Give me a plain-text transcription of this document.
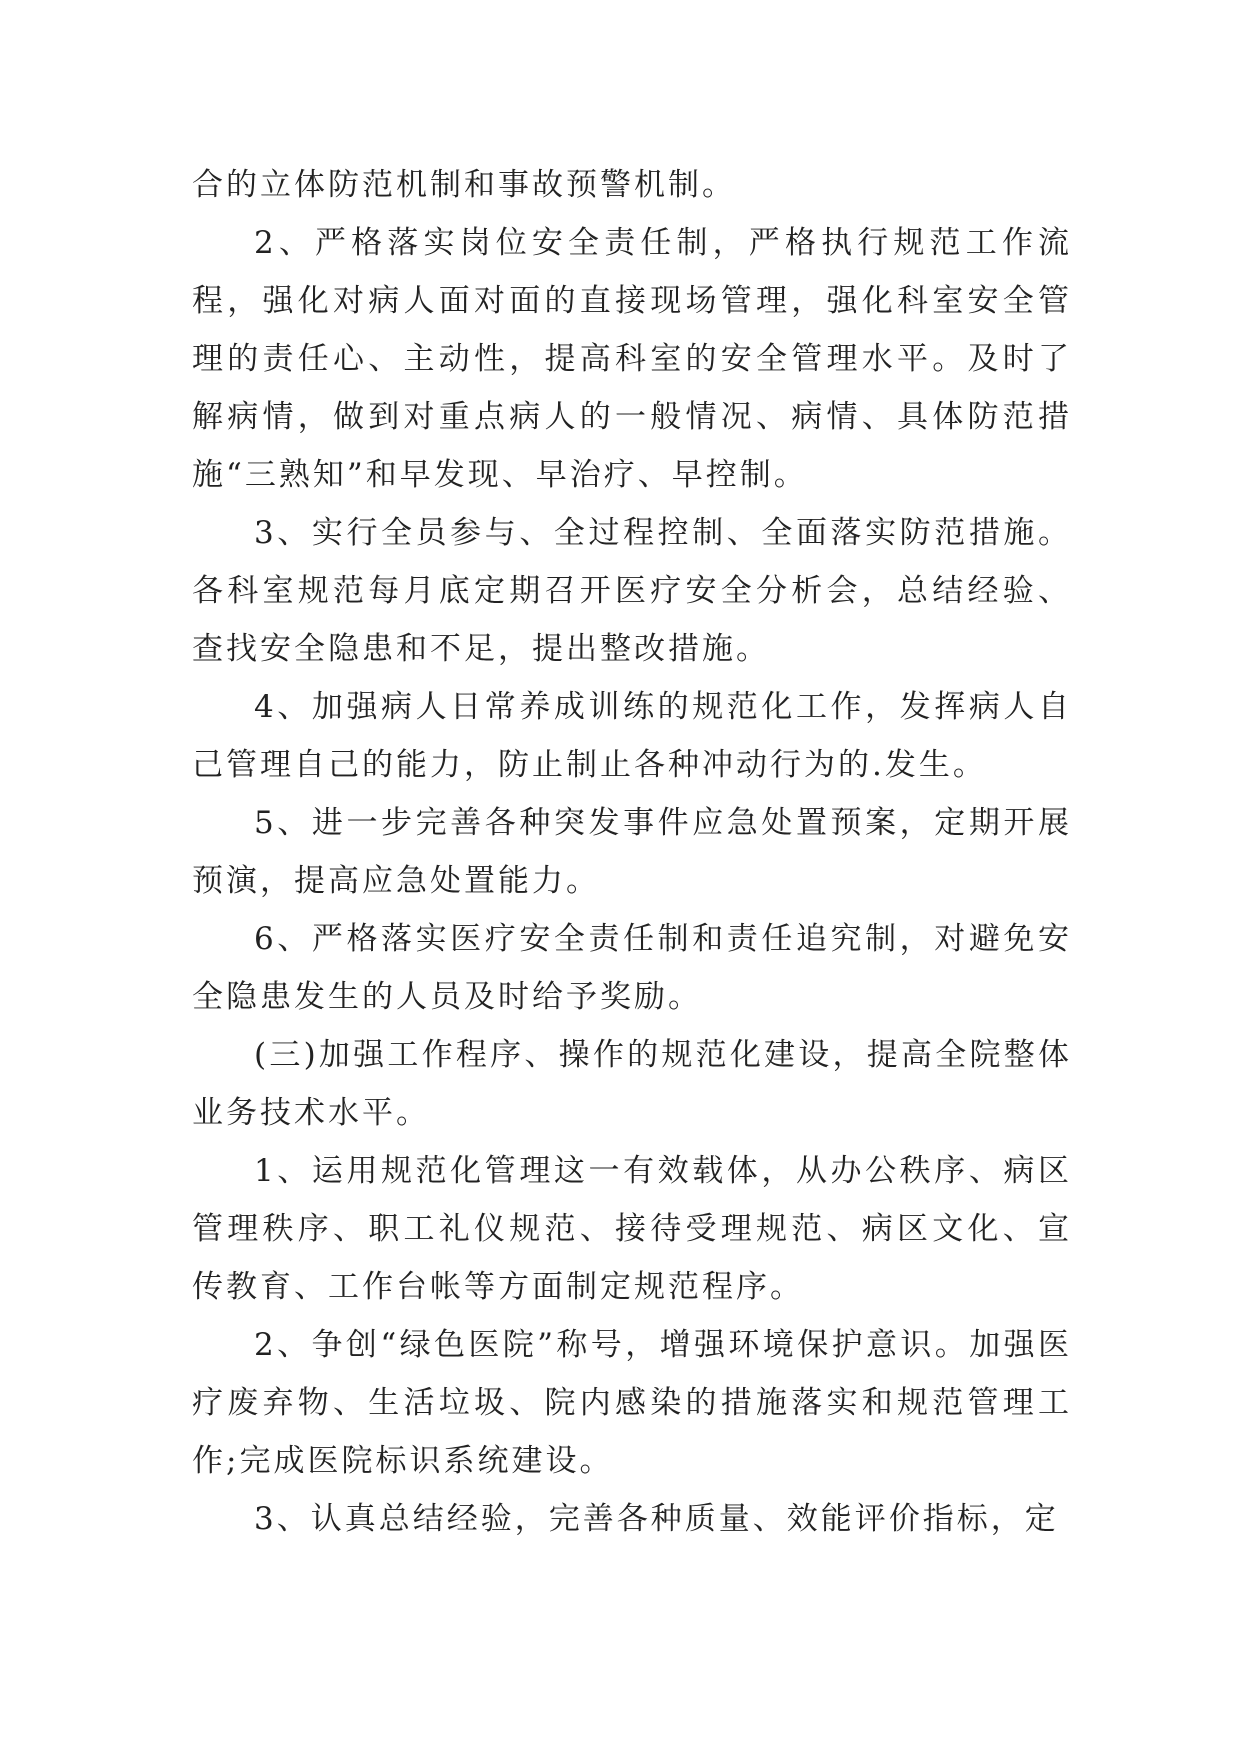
合的立体防范机制和事故预警机制。

2、严格落实岗位安全责任制，严格执行规范工作流程，强化对病人面对面的直接现场管理，强化科室安全管理的责任心、主动性，提高科室的安全管理水平。及时了解病情，做到对重点病人的一般情况、病情、具体防范措施“三熟知”和早发现、早治疗、早控制。

3、实行全员参与、全过程控制、全面落实防范措施。各科室规范每月底定期召开医疗安全分析会，总结经验、查找安全隐患和不足，提出整改措施。

4、加强病人日常养成训练的规范化工作，发挥病人自己管理自己的能力，防止制止各种冲动行为的.发生。

5、进一步完善各种突发事件应急处置预案，定期开展预演，提高应急处置能力。

6、严格落实医疗安全责任制和责任追究制，对避免安全隐患发生的人员及时给予奖励。

(三)加强工作程序、操作的规范化建设，提高全院整体业务技术水平。

1、运用规范化管理这一有效载体，从办公秩序、病区管理秩序、职工礼仪规范、接待受理规范、病区文化、宣传教育、工作台帐等方面制定规范程序。

2、争创“绿色医院”称号，增强环境保护意识。加强医疗废弃物、生活垃圾、院内感染的措施落实和规范管理工作;完成医院标识系统建设。

3、认真总结经验，完善各种质量、效能评价指标，定
